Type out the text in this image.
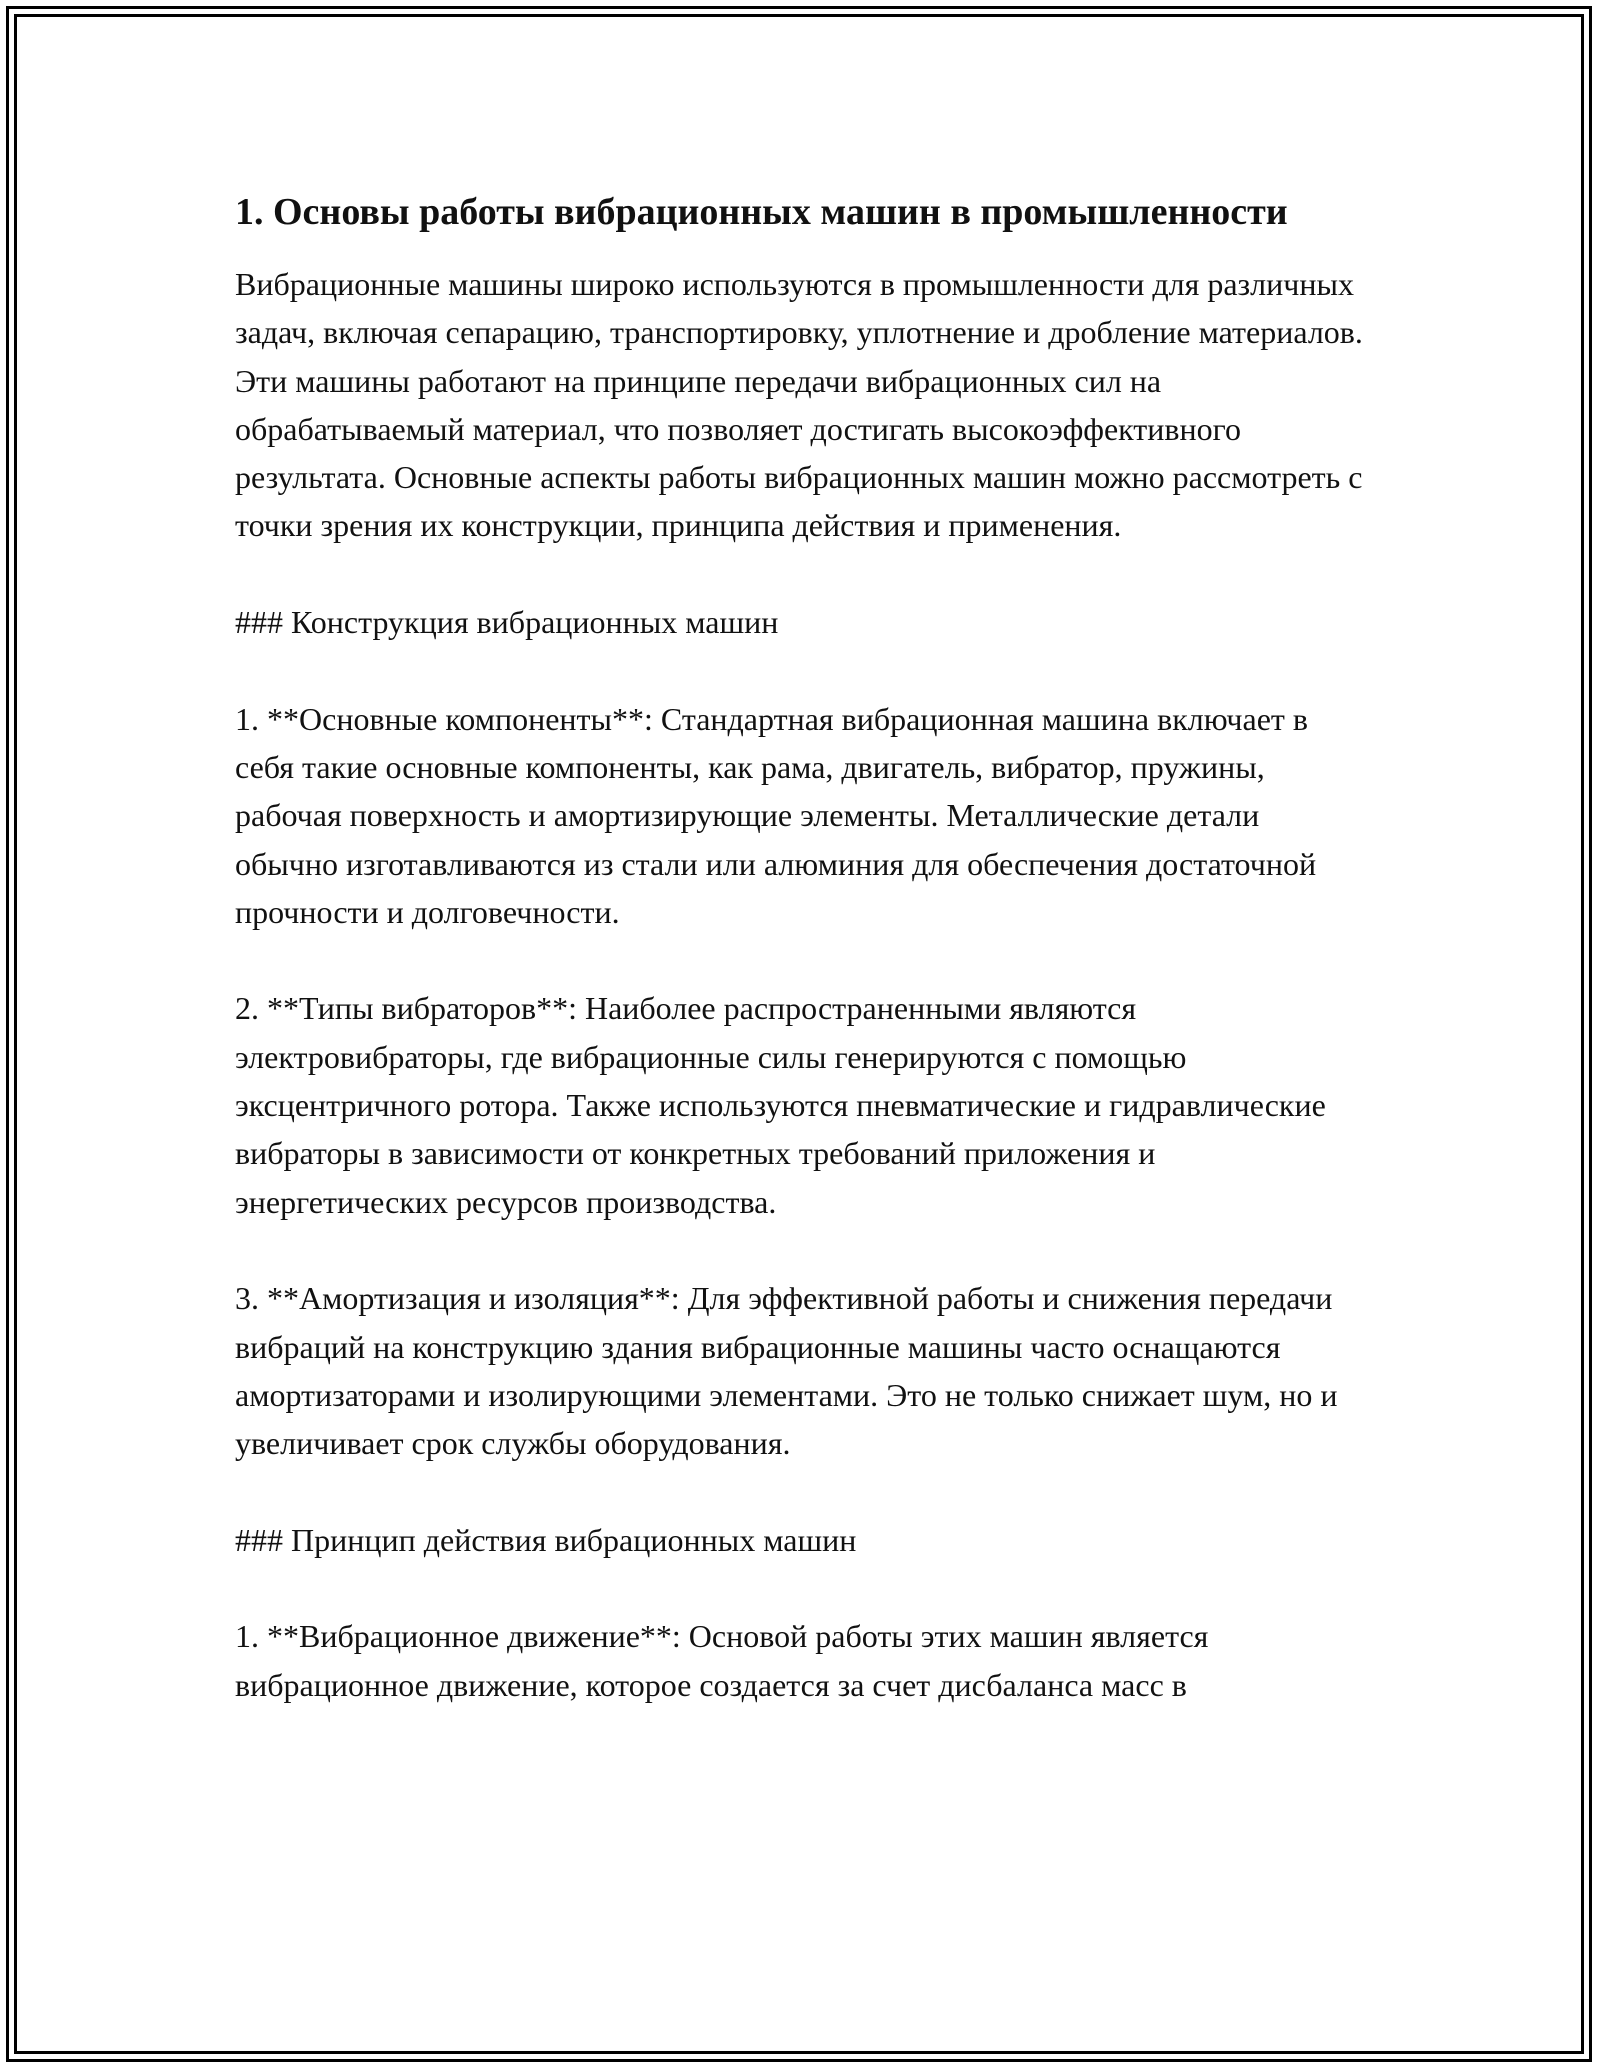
1. Основы работы вибрационных машин в промышленности

Вибрационные машины широко используются в промышленности для различных задач, включая сепарацию, транспортировку, уплотнение и дробление материалов. Эти машины работают на принципе передачи вибрационных сил на обрабатываемый материал, что позволяет достигать высокоэффективного результата. Основные аспекты работы вибрационных машин можно рассмотреть с точки зрения их конструкции, принципа действия и применения.

### Конструкция вибрационных машин

1. **Основные компоненты**: Стандартная вибрационная машина включает в себя такие основные компоненты, как рама, двигатель, вибратор, пружины, рабочая поверхность и амортизирующие элементы. Металлические детали обычно изготавливаются из стали или алюминия для обеспечения достаточной прочности и долговечности.

2. **Типы вибраторов**: Наиболее распространенными являются электровибраторы, где вибрационные силы генерируются с помощью эксцентричного ротора. Также используются пневматические и гидравлические вибраторы в зависимости от конкретных требований приложения и энергетических ресурсов производства.

3. **Амортизация и изоляция**: Для эффективной работы и снижения передачи вибраций на конструкцию здания вибрационные машины часто оснащаются амортизаторами и изолирующими элементами. Это не только снижает шум, но и увеличивает срок службы оборудования.

### Принцип действия вибрационных машин

1. **Вибрационное движение**: Основой работы этих машин является вибрационное движение, которое создается за счет дисбаланса масс в
